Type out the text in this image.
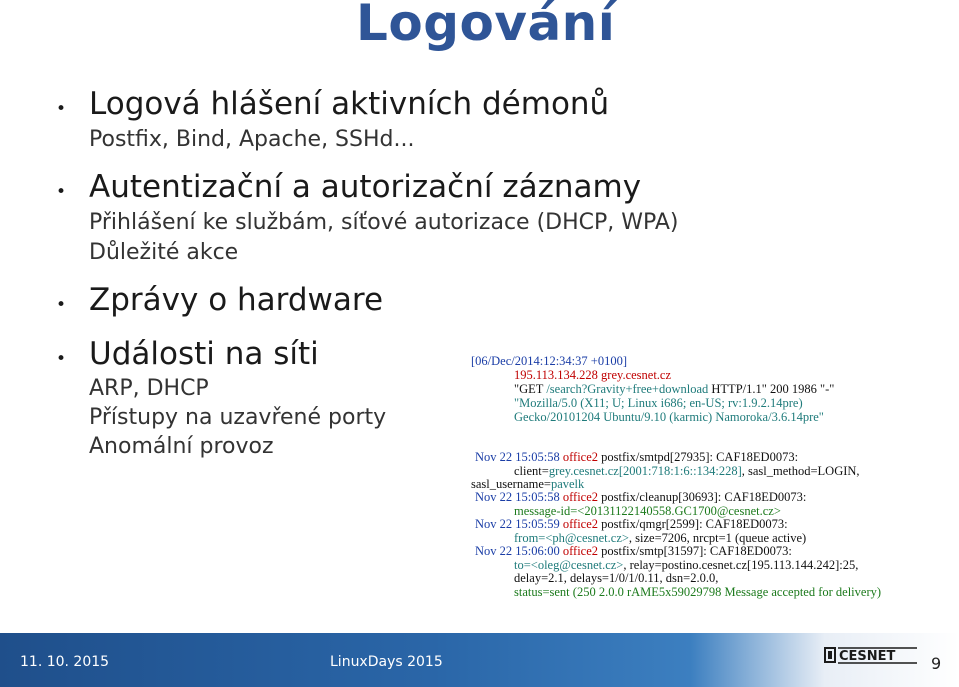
Logování
• Logová hlášení aktivních démonů
Postfix, Bind, Apache, SSHd...
• Autentizační a autorizační záznamy
Přihlášení ke službám, síťové autorizace (DHCP, WPA)
Důležité akce
• Zprávy o hardware
• Události na síti
ARP, DHCP
Přístupy na uzavřené porty
Anomální provoz
[06/Dec/2014:12:34:37 +0100]
195.113.134.228 grey.cesnet.cz
"GET /search?Gravity+free+download HTTP/1.1" 200 1986 "-"
"Mozilla/5.0 (X11; U; Linux i686; en-US; rv:1.9.2.14pre)
Gecko/20101204 Ubuntu/9.10 (karmic) Namoroka/3.6.14pre"
Nov 22 15:05:58 office2 postfix/smtpd[27935]: CAF18ED0073:
client=grey.cesnet.cz[2001:718:1:6::134:228], sasl_method=LOGIN,
sasl_username=pavelk
Nov 22 15:05:58 office2 postfix/cleanup[30693]: CAF18ED0073:
message-id=<20131122140558.GC1700@cesnet.cz>
Nov 22 15:05:59 office2 postfix/qmgr[2599]: CAF18ED0073:
from=<ph@cesnet.cz>, size=7206, nrcpt=1 (queue active)
Nov 22 15:06:00 office2 postfix/smtp[31597]: CAF18ED0073:
to=<oleg@cesnet.cz>, relay=postino.cesnet.cz[195.113.144.242]:25,
delay=2.1, delays=1/0/1/0.11, dsn=2.0.0,
status=sent (250 2.0.0 rAME5x59029798 Message accepted for delivery)
11. 10. 2015	LinuxDays 2015	CESNET 9
